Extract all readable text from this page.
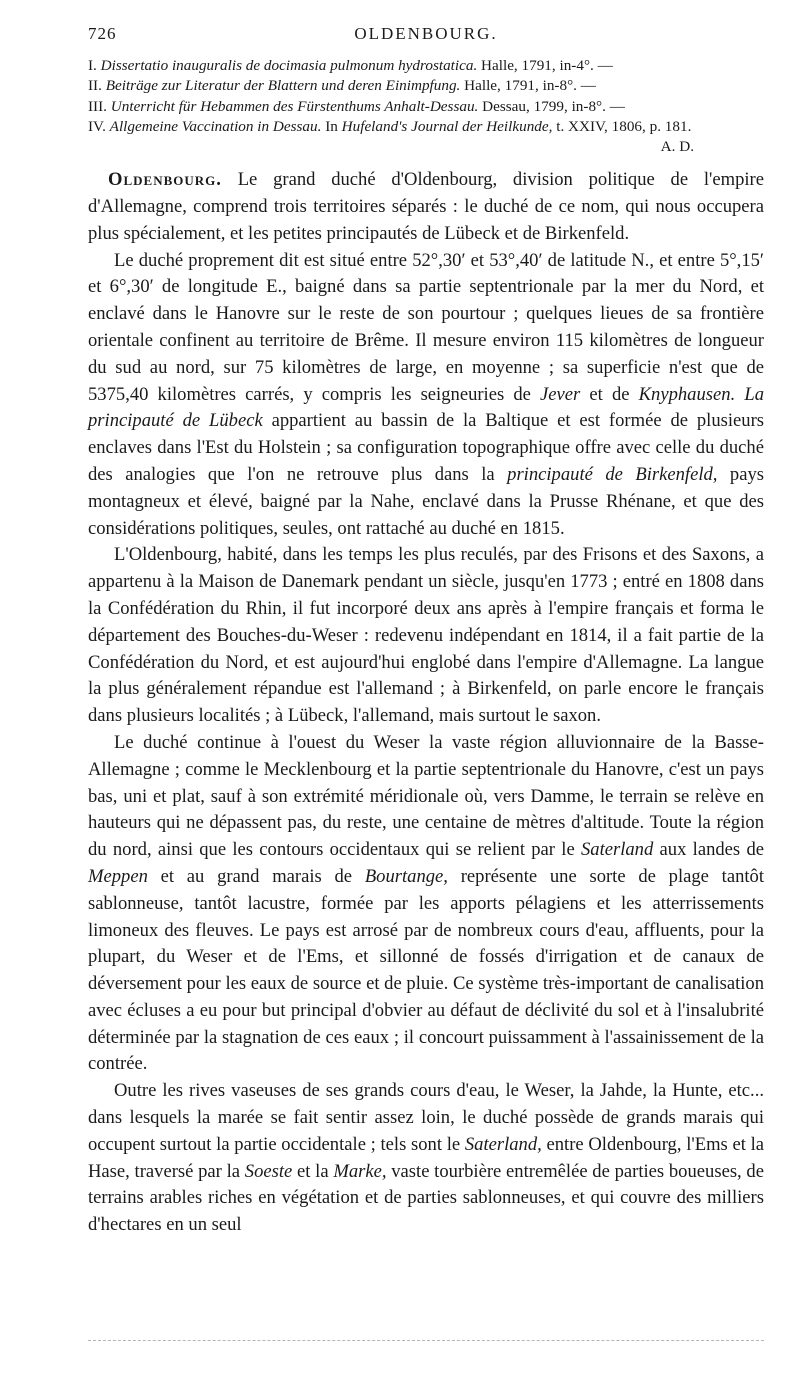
OLDENBOURG.
726

I. Dissertatio inauguralis de docimasia pulmonum hydrostatica. Halle, 1791, in-4°. —

II. Beiträge zur Literatur der Blattern und deren Einimpfung. Halle, 1791, in-8°. —

III. Unterricht für Hebammen des Fürstenthums Anhalt-Dessau. Dessau, 1799, in-8°. —

IV. Allgemeine Vaccination in Dessau. In Hufeland's Journal der Heilkunde, t. XXIV, 1806, p. 181.
A. D.

Oldenbourg. Le grand duché d'Oldenbourg, division politique de l'empire d'Allemagne, comprend trois territoires séparés : le duché de ce nom, qui nous occupera plus spécialement, et les petites principautés de Lübeck et de Birkenfeld.

Le duché proprement dit est situé entre 52°,30′ et 53°,40′ de latitude N., et entre 5°,15′ et 6°,30′ de longitude E., baigné dans sa partie septentrionale par la mer du Nord, et enclavé dans le Hanovre sur le reste de son pourtour ; quelques lieues de sa frontière orientale confinent au territoire de Brême. Il mesure environ 115 kilomètres de longueur du sud au nord, sur 75 kilomètres de large, en moyenne ; sa superficie n'est que de 5375,40 kilomètres carrés, y compris les seigneuries de Jever et de Knyphausen. La principauté de Lübeck appartient au bassin de la Baltique et est formée de plusieurs enclaves dans l'Est du Holstein ; sa configuration topographique offre avec celle du duché des analogies que l'on ne retrouve plus dans la principauté de Birkenfeld, pays montagneux et élevé, baigné par la Nahe, enclavé dans la Prusse Rhénane, et que des considérations politiques, seules, ont rattaché au duché en 1815.

L'Oldenbourg, habité, dans les temps les plus reculés, par des Frisons et des Saxons, a appartenu à la Maison de Danemark pendant un siècle, jusqu'en 1773 ; entré en 1808 dans la Confédération du Rhin, il fut incorporé deux ans après à l'empire français et forma le département des Bouches-du-Weser : redevenu indépendant en 1814, il a fait partie de la Confédération du Nord, et est aujourd'hui englobé dans l'empire d'Allemagne. La langue la plus généralement répandue est l'allemand ; à Birkenfeld, on parle encore le français dans plusieurs localités ; à Lübeck, l'allemand, mais surtout le saxon.

Le duché continue à l'ouest du Weser la vaste région alluvionnaire de la Basse-Allemagne ; comme le Mecklenbourg et la partie septentrionale du Hanovre, c'est un pays bas, uni et plat, sauf à son extrémité méridionale où, vers Damme, le terrain se relève en hauteurs qui ne dépassent pas, du reste, une centaine de mètres d'altitude. Toute la région du nord, ainsi que les contours occidentaux qui se relient par le Saterland aux landes de Meppen et au grand marais de Bourtange, représente une sorte de plage tantôt sablonneuse, tantôt lacustre, formée par les apports pélagiens et les atterrissements limoneux des fleuves. Le pays est arrosé par de nombreux cours d'eau, affluents, pour la plupart, du Weser et de l'Ems, et sillonné de fossés d'irrigation et de canaux de déversement pour les eaux de source et de pluie. Ce système très-important de canalisation avec écluses a eu pour but principal d'obvier au défaut de déclivité du sol et à l'insalubrité déterminée par la stagnation de ces eaux ; il concourt puissamment à l'assainissement de la contrée.

Outre les rives vaseuses de ses grands cours d'eau, le Weser, la Jahde, la Hunte, etc... dans lesquels la marée se fait sentir assez loin, le duché possède de grands marais qui occupent surtout la partie occidentale ; tels sont le Saterland, entre Oldenbourg, l'Ems et la Hase, traversé par la Soeste et la Marke, vaste tourbière entremêlée de parties boueuses, de terrains arables riches en végétation et de parties sablonneuses, et qui couvre des milliers d'hectares en un seul
